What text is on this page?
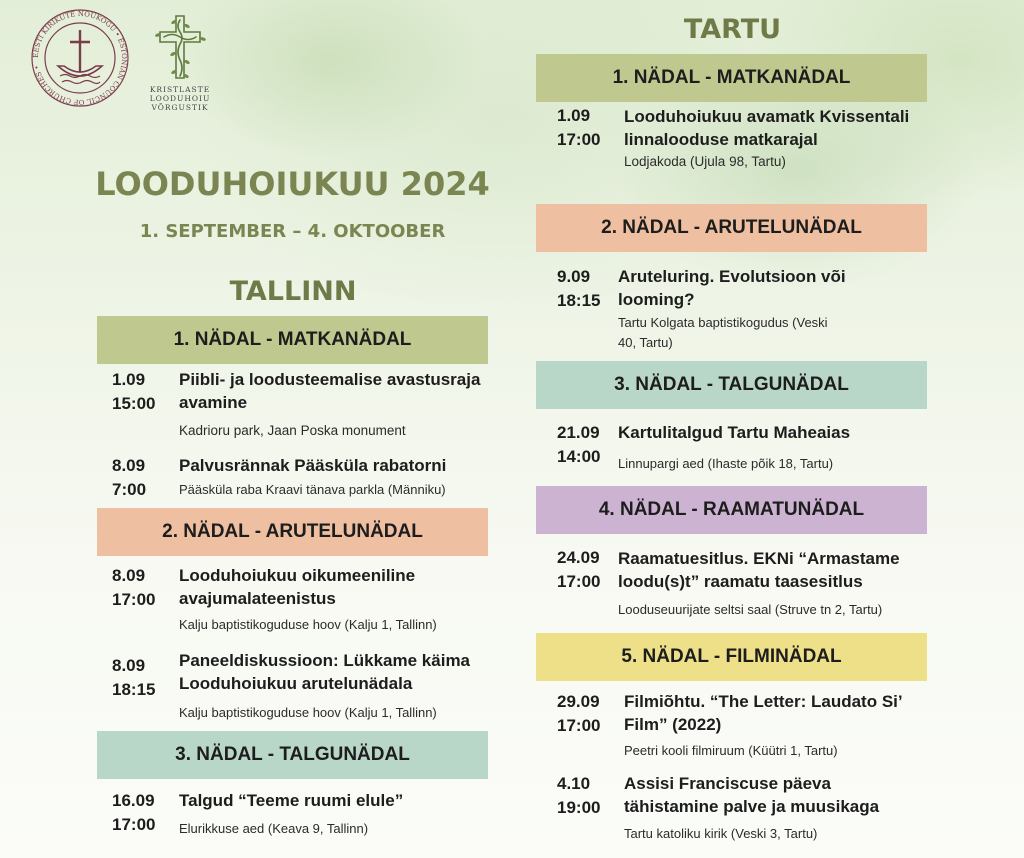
EESTI KIRIKUTE NÕUKOGU • ESTONIAN COUNCIL OF CHURCHES •
KRISTLASTE
LOODUHOIU
VÕRGUSTIK
LOODUHOIUKUU 2024
1. SEPTEMBER – 4. OKTOOBER
TALLINN
1. NÄDAL - MATKANÄDAL
1.09
15:00
Piibli- ja loodusteemalise avastusraja avamine
Kadrioru park, Jaan Poska monument
8.09
7:00
Palvusrännak Pääsküla rabatorni
Pääsküla raba Kraavi tänava parkla (Männiku)
2. NÄDAL - ARUTELUNÄDAL
8.09
17:00
Looduhoiukuu oikumeeniline avajumalateenistus
Kalju baptistikoguduse hoov (Kalju 1, Tallinn)
8.09
18:15
Paneeldiskussioon: Lükkame käima Looduhoiukuu arutelunädala
Kalju baptistikoguduse hoov (Kalju 1, Tallinn)
3. NÄDAL - TALGUNÄDAL
16.09
17:00
Talgud “Teeme ruumi elule”
Elurikkuse aed (Keava 9, Tallinn)
TARTU
1. NÄDAL - MATKANÄDAL
1.09
17:00
Looduhoiukuu avamatk Kvissentali linnalooduse matkarajal
Lodjakoda (Ujula 98, Tartu)
2. NÄDAL - ARUTELUNÄDAL
9.09
18:15
Aruteluring. Evolutsioon või looming?
Tartu Kolgata baptistikogudus (Veski 40, Tartu)
3. NÄDAL - TALGUNÄDAL
21.09
14:00
Kartulitalgud Tartu Maheaias
Linnupargi aed (Ihaste põik 18, Tartu)
4. NÄDAL - RAAMATUNÄDAL
24.09
17:00
Raamatuesitlus. EKNi “Armastame loodu(s)t” raamatu taasesitlus
Looduseuurijate seltsi saal (Struve tn 2, Tartu)
5. NÄDAL - FILMINÄDAL
29.09
17:00
Filmiõhtu. “The Letter: Laudato Si’ Film” (2022)
Peetri kooli filmiruum (Küütri 1, Tartu)
4.10
19:00
Assisi Franciscuse päeva tähistamine palve ja muusikaga
Tartu katoliku kirik (Veski 3, Tartu)
